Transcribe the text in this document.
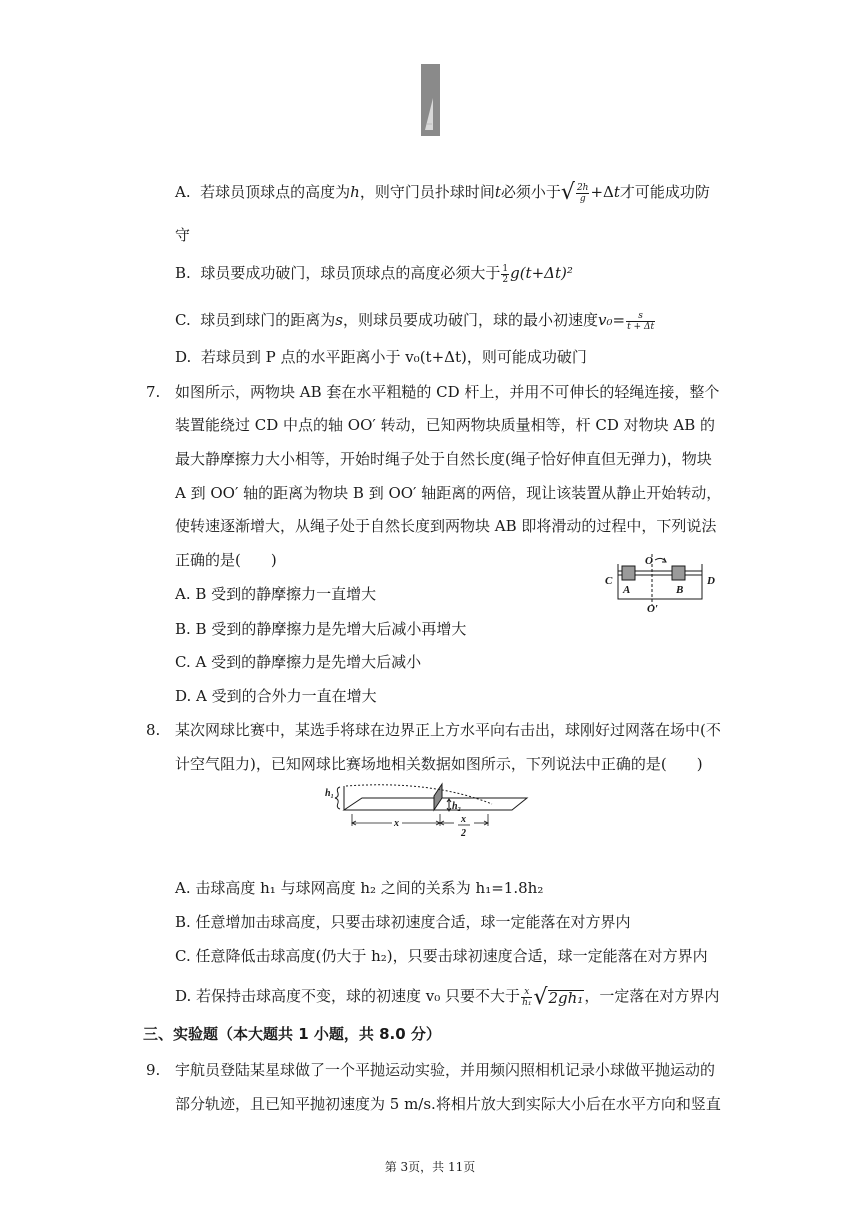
A. 若球员顶球点的高度为h，则守门员扑球时间t必须小于√ $\frac{2h}{g} +\Delta t$才可能成功防
守
B. 球员要成功破门，球员顶球点的高度必须大于 $\frac{1}{2} g(t+\Delta t)^2$
C. 球员到球门的距离为s，则球员要成功破门，球的最小初速度$v_0= \frac{s}{t + \Delta t}$
D. 若球员到 P 点的水平距离小于 v₀(t+Δt)，则可能成功破门
7. 如图所示，两物块 AB 套在水平粗糙的 CD 杆上，并用不可伸长的轻绳连接，整个
装置能绕过 CD 中点的轴 OO′ 转动，已知两物块质量相等，杆 CD 对物块 AB 的
最大静摩擦力大小相等，开始时绳子处于自然长度(绳子恰好伸直但无弹力)，物块
A 到 OO′ 轴的距离为物块 B 到 OO′ 轴距离的两倍，现让该装置从静止开始转动，
使转速逐渐增大，从绳子处于自然长度到两物块 AB 即将滑动的过程中，下列说法
正确的是(　　)
A. B 受到的静摩擦力一直增大
B. B 受到的静摩擦力是先增大后减小再增大
C. A 受到的静摩擦力是先增大后减小
D. A 受到的合外力一直在增大
O
C	D
A	B
O′
8. 某次网球比赛中，某选手将球在边界正上方水平向右击出，球刚好过网落在场中(不
计空气阻力)，已知网球比赛场地相关数据如图所示，下列说法中正确的是(　　)
h₁
h₂
x	x
2
A. 击球高度 h₁ 与球网高度 h₂ 之间的关系为 h₁=1.8h₂
B. 任意增加击球高度，只要击球初速度合适，球一定能落在对方界内
C. 任意降低击球高度(仍大于 h₂)，只要击球初速度合适，球一定能落在对方界内
D. 若保持击球高度不变，球的初速度 v₀ 只要不大于 $\frac{x}{\text{h₁}} √2gh_1$，一定落在对方界内
三、实验题（本大题共 1 小题，共 8.0 分）
9. 宇航员登陆某星球做了一个平抛运动实验，并用频闪照相机记录小球做平抛运动的
部分轨迹，且已知平抛初速度为 5 m/s.将相片放大到实际大小后在水平方向和竖直
第 3页，共 11页
